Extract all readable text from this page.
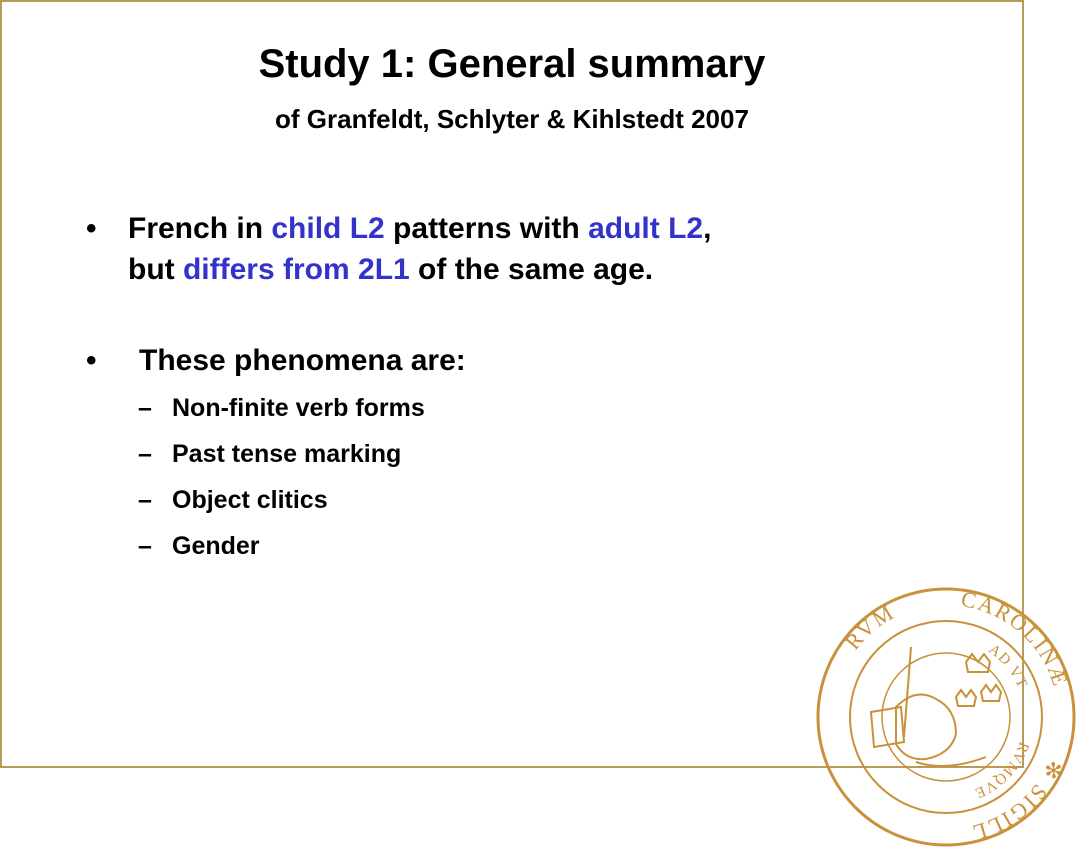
Study 1: General summary
of Granfeldt, Schlyter & Kihlstedt 2007
• French in child L2 patterns with adult L2,
but differs from 2L1 of the same age.
• These phenomena are:
– Non-finite verb forms
– Past tense marking
– Object clitics
– Gender
CAROLINÆ
RVM
✻
SIGILL
AD VT
RVMQVE
